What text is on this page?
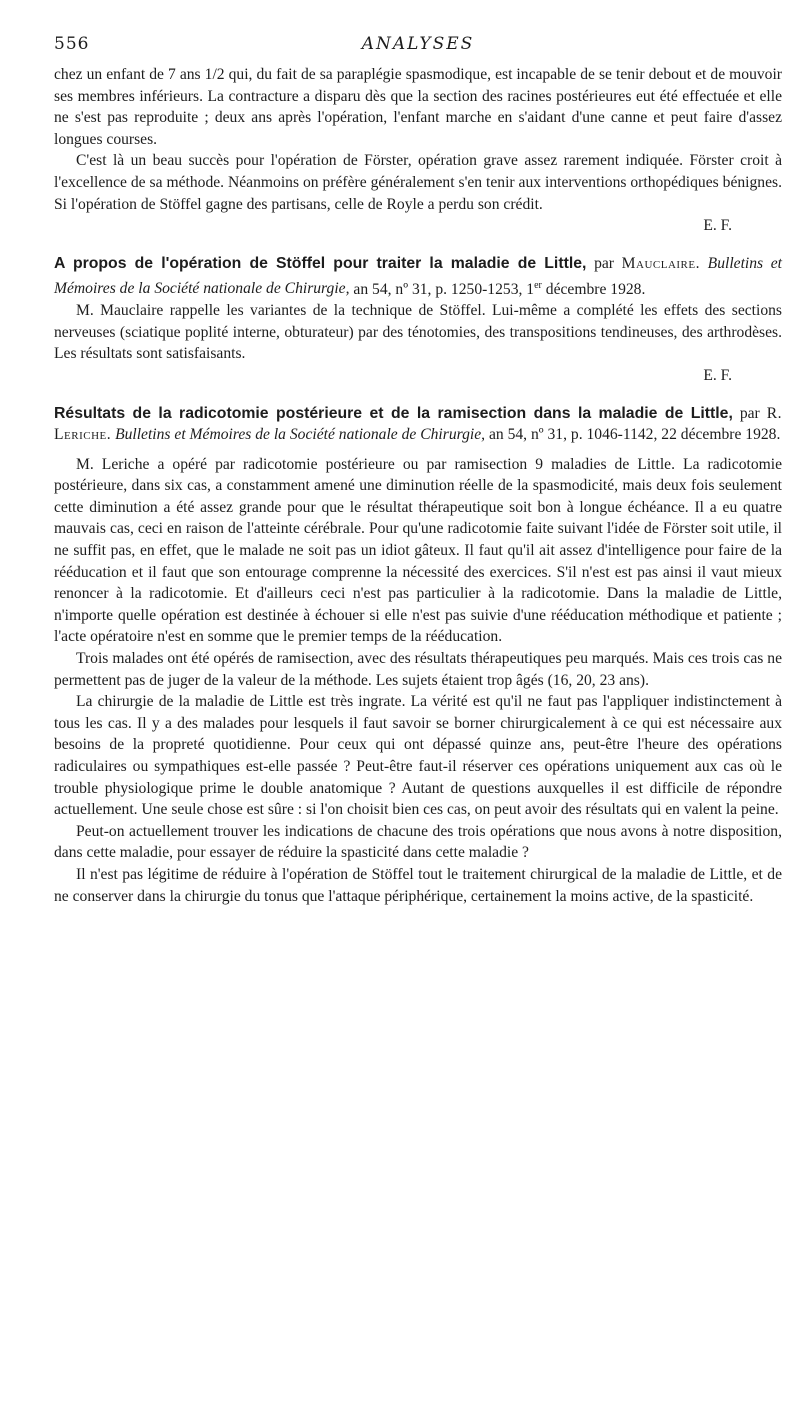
556	ANALYSES

chez un enfant de 7 ans 1/2 qui, du fait de sa paraplégie spasmodique, est incapable de se tenir debout et de mouvoir ses membres inférieurs. La contracture a disparu dès que la section des racines postérieures eut été effectuée et elle ne s'est pas reproduite ; deux ans après l'opération, l'enfant marche en s'aidant d'une canne et peut faire d'assez longues courses.

C'est là un beau succès pour l'opération de Förster, opération grave assez rarement indiquée. Förster croit à l'excellence de sa méthode. Néanmoins on préfère généralement s'en tenir aux interventions orthopédiques bénignes. Si l'opération de Stöffel gagne des partisans, celle de Royle a perdu son crédit.

E. F.

A propos de l'opération de Stöffel pour traiter la maladie de Little, par Mauclaire. Bulletins et Mémoires de la Société nationale de Chirurgie, an 54, nº 31, p. 1250-1253, 1er décembre 1928.

M. Mauclaire rappelle les variantes de la technique de Stöffel. Lui-même a complété les effets des sections nerveuses (sciatique poplité interne, obturateur) par des ténotomies, des transpositions tendineuses, des arthrodèses. Les résultats sont satisfaisants.

E. F.

Résultats de la radicotomie postérieure et de la ramisection dans la maladie de Little, par R. Leriche. Bulletins et Mémoires de la Société nationale de Chirurgie, an 54, nº 31, p. 1046-1142, 22 décembre 1928.

M. Leriche a opéré par radicotomie postérieure ou par ramisection 9 maladies de Little. La radicotomie postérieure, dans six cas, a constamment amené une diminution réelle de la spasmodicité, mais deux fois seulement cette diminution a été assez grande pour que le résultat thérapeutique soit bon à longue échéance. Il a eu quatre mauvais cas, ceci en raison de l'atteinte cérébrale. Pour qu'une radicotomie faite suivant l'idée de Förster soit utile, il ne suffit pas, en effet, que le malade ne soit pas un idiot gâteux. Il faut qu'il ait assez d'intelligence pour faire de la rééducation et il faut que son entourage comprenne la nécessité des exercices. S'il n'est est pas ainsi il vaut mieux renoncer à la radicotomie. Et d'ailleurs ceci n'est pas particulier à la radicotomie. Dans la maladie de Little, n'importe quelle opération est destinée à échouer si elle n'est pas suivie d'une rééducation méthodique et patiente ; l'acte opératoire n'est en somme que le premier temps de la rééducation.

Trois malades ont été opérés de ramisection, avec des résultats thérapeutiques peu marqués. Mais ces trois cas ne permettent pas de juger de la valeur de la méthode. Les sujets étaient trop âgés (16, 20, 23 ans).

La chirurgie de la maladie de Little est très ingrate. La vérité est qu'il ne faut pas l'appliquer indistinctement à tous les cas. Il y a des malades pour lesquels il faut savoir se borner chirurgicalement à ce qui est nécessaire aux besoins de la propreté quotidienne. Pour ceux qui ont dépassé quinze ans, peut-être l'heure des opérations radiculaires ou sympathiques est-elle passée ? Peut-être faut-il réserver ces opérations uniquement aux cas où le trouble physiologique prime le double anatomique ? Autant de questions auxquelles il est difficile de répondre actuellement. Une seule chose est sûre : si l'on choisit bien ces cas, on peut avoir des résultats qui en valent la peine.

Peut-on actuellement trouver les indications de chacune des trois opérations que nous avons à notre disposition, dans cette maladie, pour essayer de réduire la spasticité dans cette maladie ?

Il n'est pas légitime de réduire à l'opération de Stöffel tout le traitement chirurgical de la maladie de Little, et de ne conserver dans la chirurgie du tonus que l'attaque périphérique, certainement la moins active, de la spasticité.
